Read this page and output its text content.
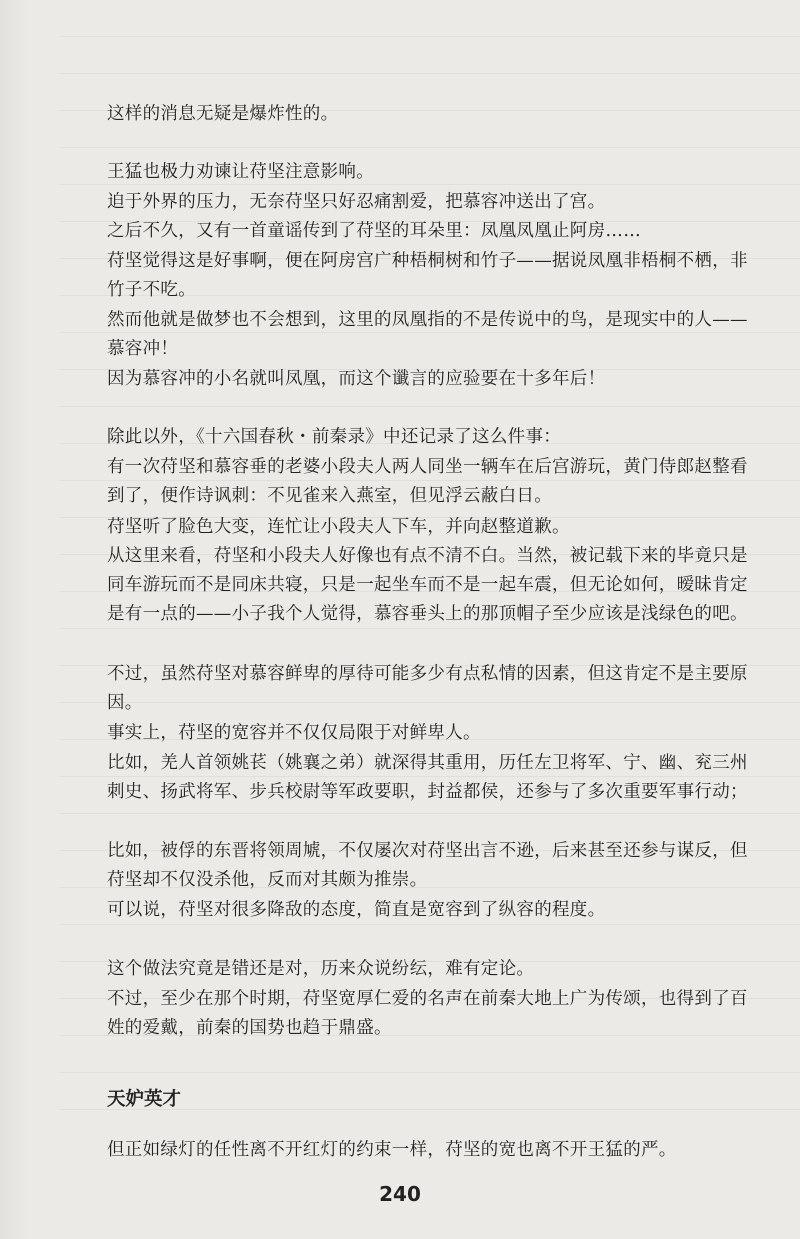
这样的消息无疑是爆炸性的。

王猛也极力劝谏让苻坚注意影响。

迫于外界的压力，无奈苻坚只好忍痛割爱，把慕容冲送出了宫。

之后不久，又有一首童谣传到了苻坚的耳朵里：凤凰凤凰止阿房……

苻坚觉得这是好事啊，便在阿房宫广种梧桐树和竹子——据说凤凰非梧桐不栖，非竹子不吃。

然而他就是做梦也不会想到，这里的凤凰指的不是传说中的鸟，是现实中的人——慕容冲！

因为慕容冲的小名就叫凤凰，而这个谶言的应验要在十多年后！

除此以外，《十六国春秋・前秦录》中还记录了这么件事：

有一次苻坚和慕容垂的老婆小段夫人两人同坐一辆车在后宫游玩，黄门侍郎赵整看到了，便作诗讽刺：不见雀来入燕室，但见浮云蔽白日。

苻坚听了脸色大变，连忙让小段夫人下车，并向赵整道歉。

从这里来看，苻坚和小段夫人好像也有点不清不白。当然，被记载下来的毕竟只是同车游玩而不是同床共寝，只是一起坐车而不是一起车震，但无论如何，暧昧肯定是有一点的——小子我个人觉得，慕容垂头上的那顶帽子至少应该是浅绿色的吧。

不过，虽然苻坚对慕容鲜卑的厚待可能多少有点私情的因素，但这肯定不是主要原因。

事实上，苻坚的宽容并不仅仅局限于对鲜卑人。

比如，羌人首领姚苌（姚襄之弟）就深得其重用，历任左卫将军、宁、幽、兖三州刺史、扬武将军、步兵校尉等军政要职，封益都侯，还参与了多次重要军事行动；

比如，被俘的东晋将领周虓，不仅屡次对苻坚出言不逊，后来甚至还参与谋反，但苻坚却不仅没杀他，反而对其颇为推崇。

可以说，苻坚对很多降敌的态度，简直是宽容到了纵容的程度。

这个做法究竟是错还是对，历来众说纷纭，难有定论。

不过，至少在那个时期，苻坚宽厚仁爱的名声在前秦大地上广为传颂，也得到了百姓的爱戴，前秦的国势也趋于鼎盛。

天妒英才

但正如绿灯的任性离不开红灯的约束一样，苻坚的宽也离不开王猛的严。

240
